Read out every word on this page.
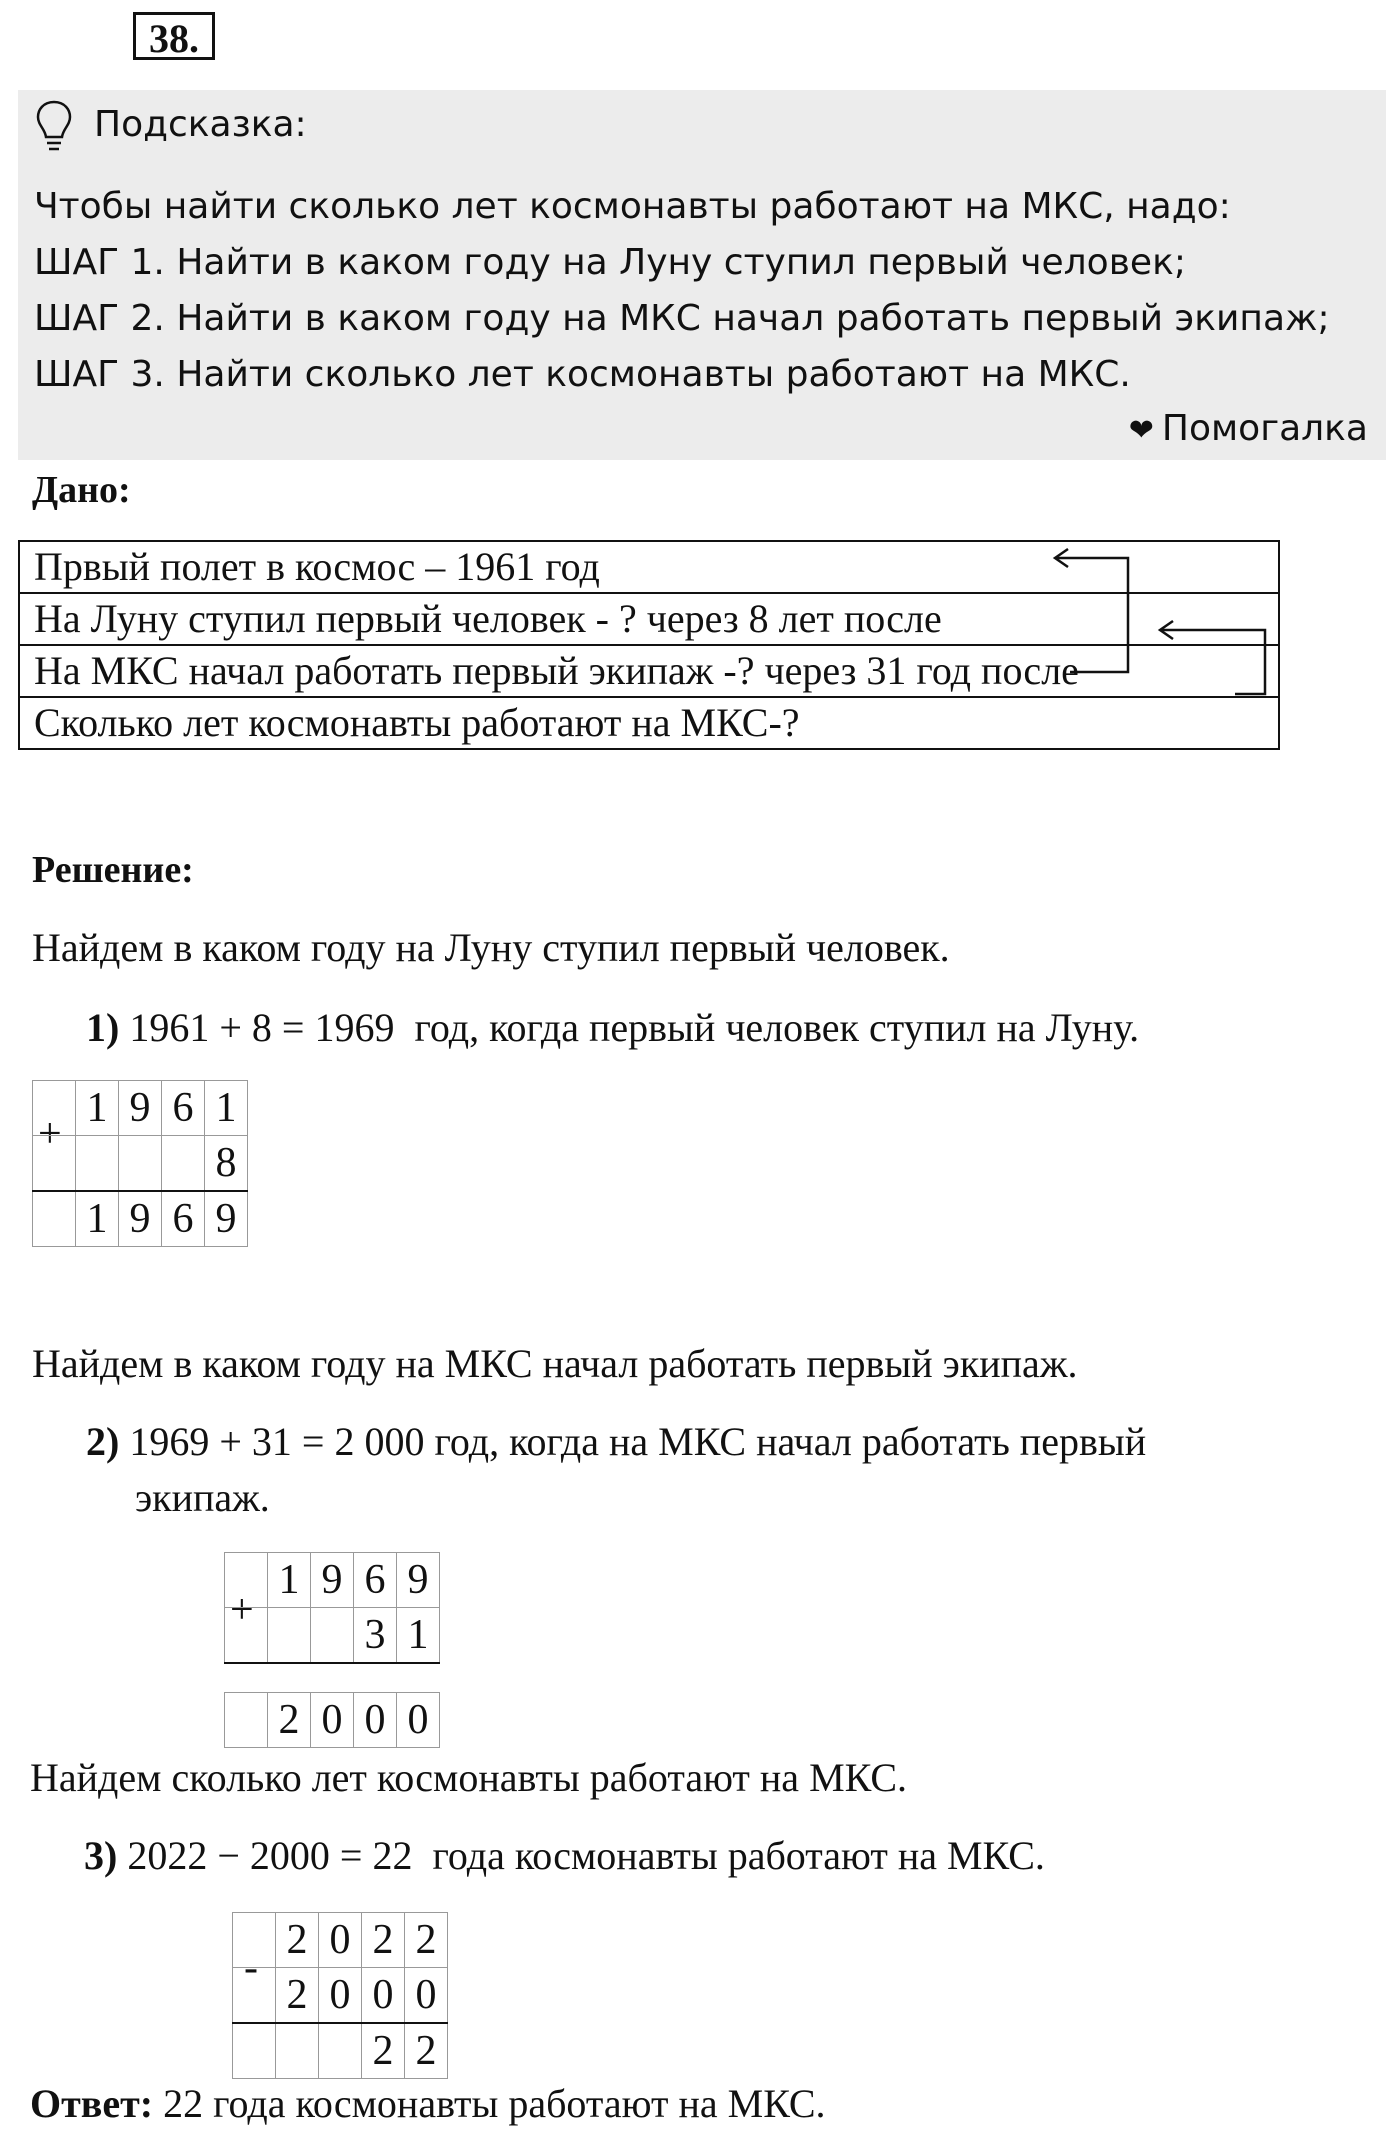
38.
Подсказка:
Чтобы найти сколько лет космонавты работают на МКС, надо:
ШАГ 1. Найти в каком году на Луну ступил первый человек;
ШАГ 2. Найти в каком году на МКС начал работать первый экипаж;
ШАГ 3. Найти сколько лет космонавты работают на МКС.
❤ Помогалка
Дано:
Првый полет в космос – 1961 год
На Луну ступил первый человек - ? через 8 лет после
На МКС начал работать первый экипаж -? через 31 год после
Сколько лет космонавты работают на МКС-?
Решение:
Найдем в каком году на Луну ступил первый человек.
1) 1961 + 8 = 1969 год, когда первый человек ступил на Луну.
+
	1	9	6	1
				8
	1	9	6	9
Найдем в каком году на МКС начал работать первый экипаж.
2) 1969 + 31 = 2 000 год, когда на МКС начал работать первый
экипаж.
+
	1	9	6	9
			3	1
	2	0	0	0
Найдем сколько лет космонавты работают на МКС.
3) 2022 − 2000 = 22 года космонавты работают на МКС.
-
	2	0	2	2
	2	0	0	0
			2	2
Ответ: 22 года космонавты работают на МКС.
